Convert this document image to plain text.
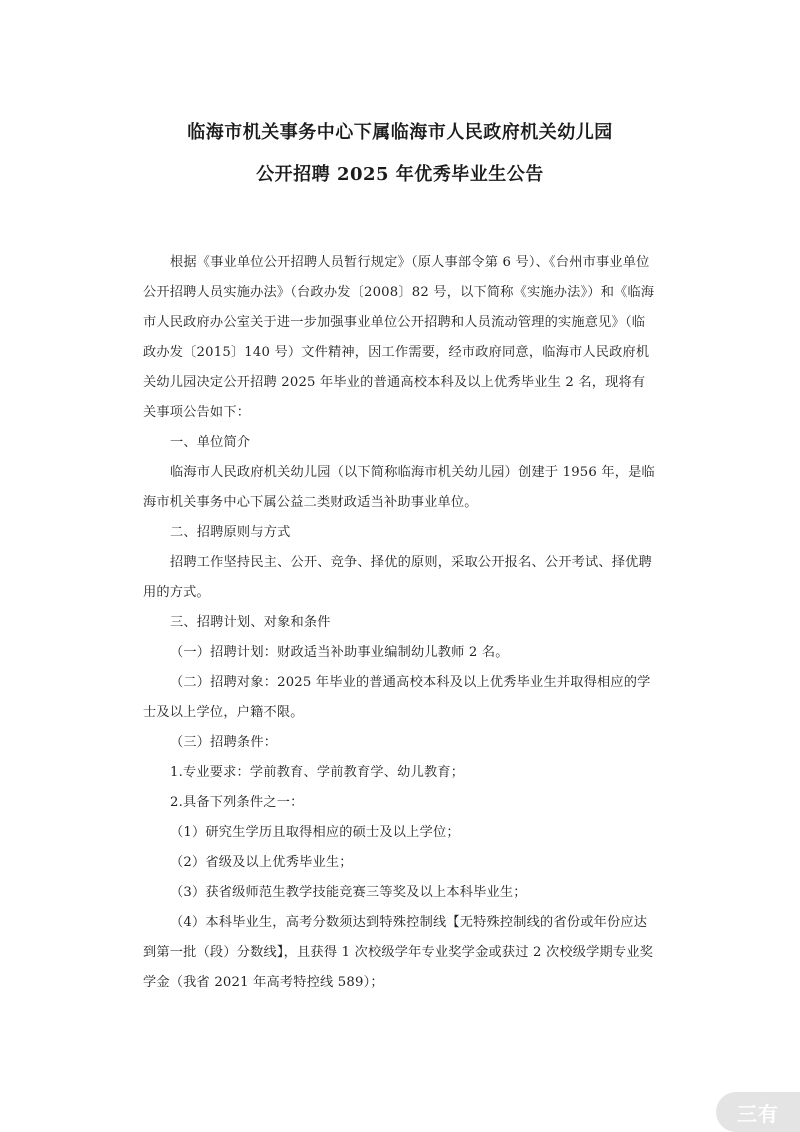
临海市机关事务中心下属临海市人民政府机关幼儿园
公开招聘 2025 年优秀毕业生公告

根据《事业单位公开招聘人员暂行规定》（原人事部令第 6 号）、《台州市事业单位公开招聘人员实施办法》（台政办发〔2008〕82 号，以下简称《实施办法》）和《临海市人民政府办公室关于进一步加强事业单位公开招聘和人员流动管理的实施意见》（临政办发〔2015〕140 号）文件精神，因工作需要，经市政府同意，临海市人民政府机关幼儿园决定公开招聘 2025 年毕业的普通高校本科及以上优秀毕业生 2 名，现将有关事项公告如下：

一、单位简介

临海市人民政府机关幼儿园（以下简称临海市机关幼儿园）创建于 1956 年，是临海市机关事务中心下属公益二类财政适当补助事业单位。

二、招聘原则与方式

招聘工作坚持民主、公开、竞争、择优的原则，采取公开报名、公开考试、择优聘用的方式。

三、招聘计划、对象和条件

（一）招聘计划：财政适当补助事业编制幼儿教师 2 名。

（二）招聘对象：2025 年毕业的普通高校本科及以上优秀毕业生并取得相应的学士及以上学位，户籍不限。

（三）招聘条件：

1.专业要求：学前教育、学前教育学、幼儿教育；

2.具备下列条件之一：

（1）研究生学历且取得相应的硕士及以上学位；

（2）省级及以上优秀毕业生；

（3）获省级师范生教学技能竞赛三等奖及以上本科毕业生；

（4）本科毕业生，高考分数须达到特殊控制线【无特殊控制线的省份或年份应达到第一批（段）分数线】，且获得 1 次校级学年专业奖学金或获过 2 次校级学期专业奖学金（我省 2021 年高考特控线 589）；

三有
